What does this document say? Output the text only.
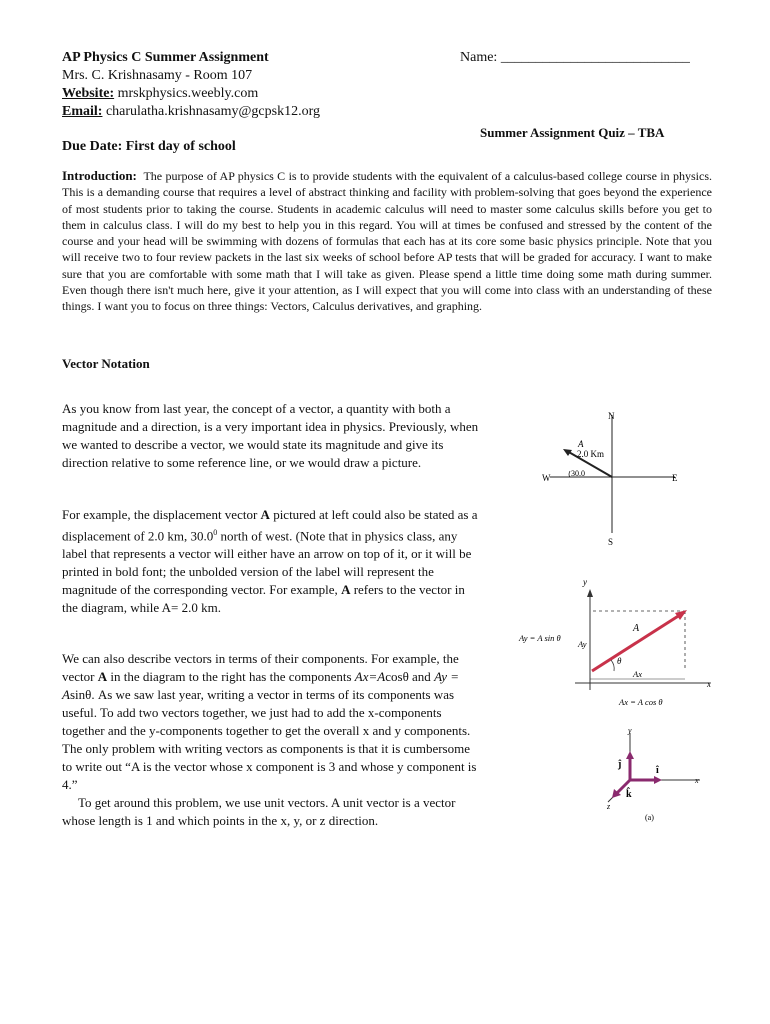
AP Physics C Summer Assignment	Name: ___________________________
Mrs. C. Krishnasamy - Room 107
Website: mrskphysics.weebly.com
Email: charulatha.krishnasamy@gcpsk12.org
Summer Assignment Quiz – TBA
Due Date: First day of school

Introduction: The purpose of AP physics C is to provide students with the equivalent of a calculus-based college course in physics. This is a demanding course that requires a level of abstract thinking and facility with problem-solving that goes beyond the experience of most students prior to taking the course. Students in academic calculus will need to master some calculus skills before you get to them in calculus class. I will do my best to help you in this regard. You will at times be confused and stressed by the content of the course and your head will be swimming with dozens of formulas that each has at its core some basic physics principle. Note that you will receive two to four review packets in the last six weeks of school before AP tests that will be graded for accuracy. I want to make sure that you are comfortable with some math that I will take as given. Please spend a little time doing some math during summer. Even though there isn't much here, give it your attention, as I will expect that you will come into class with an understanding of these things. I want you to focus on three things: Vectors, Calculus derivatives, and graphing.

Vector Notation

As you know from last year, the concept of a vector, a quantity with both a magnitude and a direction, is a very important idea in physics. Previously, when we wanted to describe a vector, we would state its magnitude and give its direction relative to some reference line, or we would draw a picture.

For example, the displacement vector A pictured at left could also be stated as a displacement of 2.0 km, 30.0$^0$ north of west. (Note that in physics class, any label that represents a vector will either have an arrow on top of it, or it will be printed in bold font; the unbolded version of the label will represent the magnitude of the corresponding vector. For example, A refers to the vector in the diagram, while A= 2.0 km.

We can also describe vectors in terms of their components. For example, the vector A in the diagram to the right has the components Ax=Acosθ and Ay = Asinθ. As we saw last year, writing a vector in terms of its components was useful. To add two vectors together, we just had to add the x-components together and the y-components together to get the overall x and y components. The only problem with writing vectors as components is that it is cumbersome to write out “A is the vector whose x component is 3 and whose y component is 4.”

To get around this problem, we use unit vectors. A unit vector is a vector whose length is 1 and which points in the x, y, or z direction.

N
S
E
W
A
2.0 Km
30.0
y
x
A
θ
Ay = A sin θ
Ay
Ax
Ax = A cos θ
y
x
z
ĵ
î
k̂
(a)
